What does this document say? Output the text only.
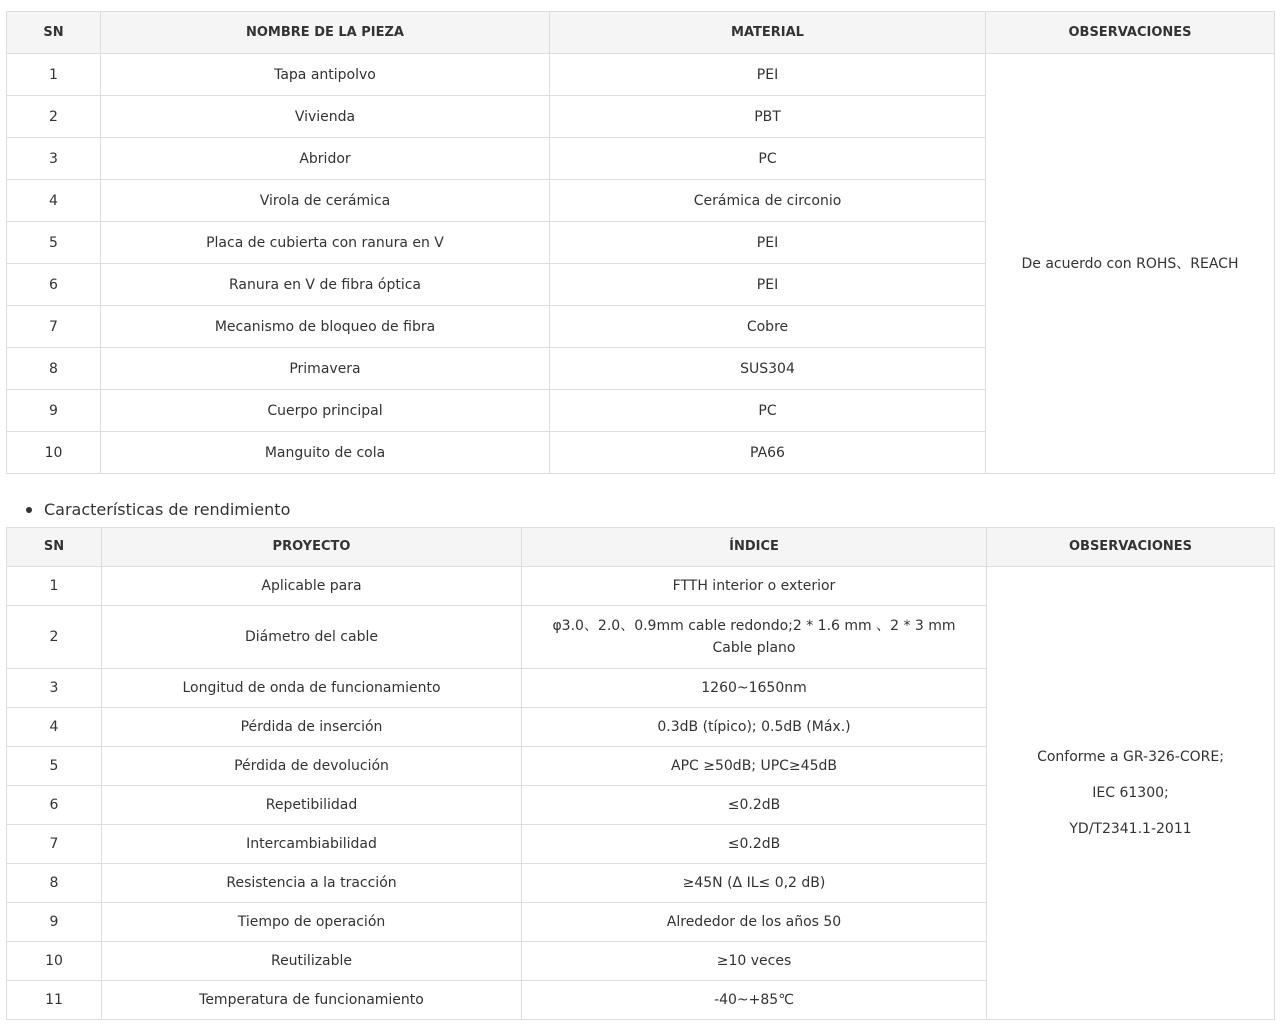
SN	NOMBRE DE LA PIEZA	MATERIAL	OBSERVACIONES
1	Tapa antipolvo	PEI	De acuerdo con ROHS、REACH
2	Vivienda	PBT	
3	Abridor	PC	
4	Virola de cerámica	Cerámica de circonio	
5	Placa de cubierta con ranura en V	PEI	
6	Ranura en V de fibra óptica	PEI	
7	Mecanismo de bloqueo de fibra	Cobre	
8	Primavera	SUS304	
9	Cuerpo principal	PC	
10	Manguito de cola	PA66	
Características de rendimiento
SN	PROYECTO	ÍNDICE	OBSERVACIONES
1	Aplicable para	FTTH interior o exterior	Conforme a GR-326-CORE;
IEC 61300;
YD/T2341.1-2011

2	Diámetro del cable	φ3.0、2.0、0.9mm cable redondo;2 * 1.6 mm 、2 * 3 mm Cable plano	
3	Longitud de onda de funcionamiento	1260~1650nm	
4	Pérdida de inserción	0.3dB (típico); 0.5dB (Máx.)	
5	Pérdida de devolución	APC ≥50dB; UPC≥45dB	
6	Repetibilidad	≤0.2dB	
7	Intercambiabilidad	≤0.2dB	
8	Resistencia a la tracción	≥45N (Δ IL≤ 0,2 dB)	
9	Tiempo de operación	Alrededor de los años 50	
10	Reutilizable	≥10 veces	
11	Temperatura de funcionamiento	-40~+85℃	
